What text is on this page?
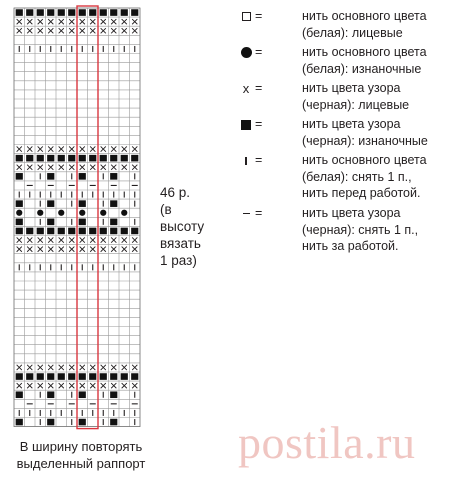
46 р.
(в
высоту
вязать
1 раз)
В ширину повторять
выделенный раппорт
=	нить основного цвета
(белая): лицевые
=	нить основного цвета
(белая): изнаночные
x =	нить цвета узора
(черная): лицевые
=	нить цвета узора
(черная): изнаночные
=	нить основного цвета
(белая): снять 1 п.,
нить перед работой.
=	нить цвета узора
(черная): снять 1 п.,
нить за работой.
postila.ru
